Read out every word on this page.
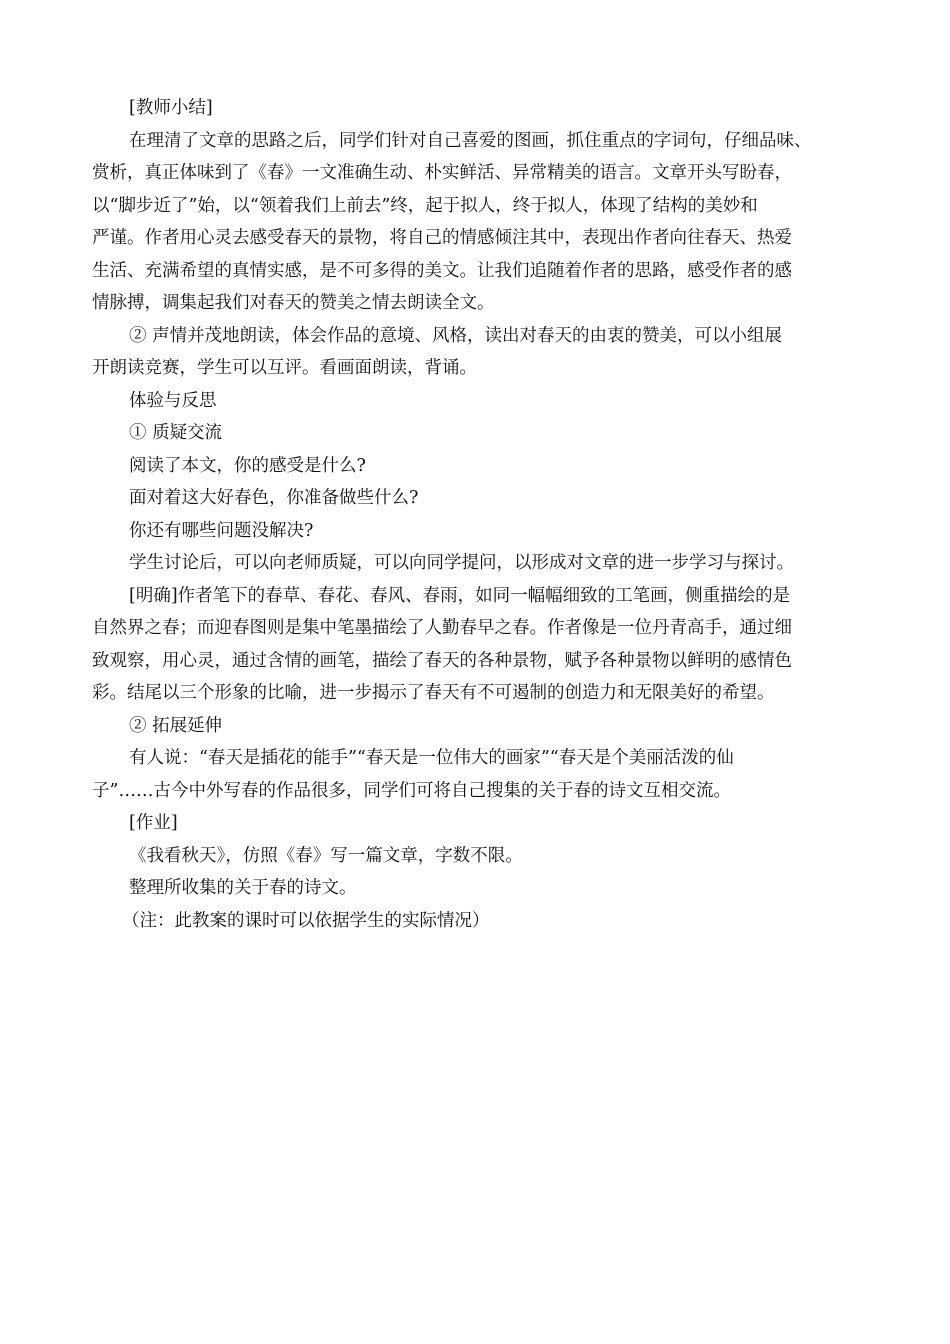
[教师小结]

在理清了文章的思路之后，同学们针对自己喜爱的图画，抓住重点的字词句，仔细品味、
赏析，真正体味到了《春》一文准确生动、朴实鲜活、异常精美的语言。文章开头写盼春，
以“脚步近了”始，以“领着我们上前去”终，起于拟人，终于拟人，体现了结构的美妙和
严谨。作者用心灵去感受春天的景物，将自己的情感倾注其中，表现出作者向往春天、热爱
生活、充满希望的真情实感，是不可多得的美文。让我们追随着作者的思路，感受作者的感
情脉搏，调集起我们对春天的赞美之情去朗读全文。

② 声情并茂地朗读，体会作品的意境、风格，读出对春天的由衷的赞美，可以小组展
开朗读竞赛，学生可以互评。看画面朗读，背诵。

体验与反思

① 质疑交流

阅读了本文，你的感受是什么?

面对着这大好春色，你准备做些什么?

你还有哪些问题没解决?

学生讨论后，可以向老师质疑，可以向同学提问，以形成对文章的进一步学习与探讨。

[明确]作者笔下的春草、春花、春风、春雨，如同一幅幅细致的工笔画，侧重描绘的是
自然界之春；而迎春图则是集中笔墨描绘了人勤春早之春。作者像是一位丹青高手，通过细
致观察，用心灵，通过含情的画笔，描绘了春天的各种景物，赋予各种景物以鲜明的感情色
彩。结尾以三个形象的比喻，进一步揭示了春天有不可遏制的创造力和无限美好的希望。

② 拓展延伸

有人说：“春天是插花的能手”“春天是一位伟大的画家”“春天是个美丽活泼的仙
子”……古今中外写春的作品很多，同学们可将自己搜集的关于春的诗文互相交流。

[作业]

《我看秋天》，仿照《春》写一篇文章，字数不限。

整理所收集的关于春的诗文。

（注：此教案的课时可以依据学生的实际情况）
